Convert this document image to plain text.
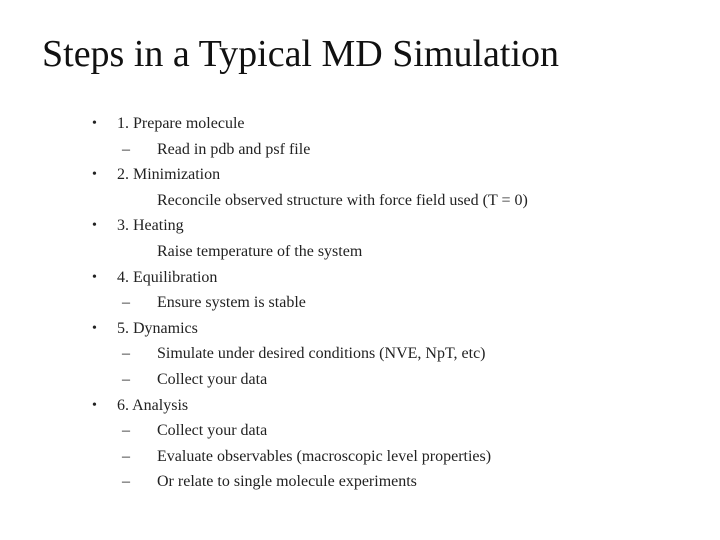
Steps in a Typical MD Simulation
• 1. Prepare molecule
– Read in pdb and psf file
• 2. Minimization
Reconcile observed structure with force field used (T = 0)
• 3. Heating
Raise temperature of the system
• 4. Equilibration
– Ensure system is stable
• 5. Dynamics
– Simulate under desired conditions (NVE, NpT, etc)
– Collect your data
• 6. Analysis
– Collect your data
– Evaluate observables (macroscopic level properties)
– Or relate to single molecule experiments
